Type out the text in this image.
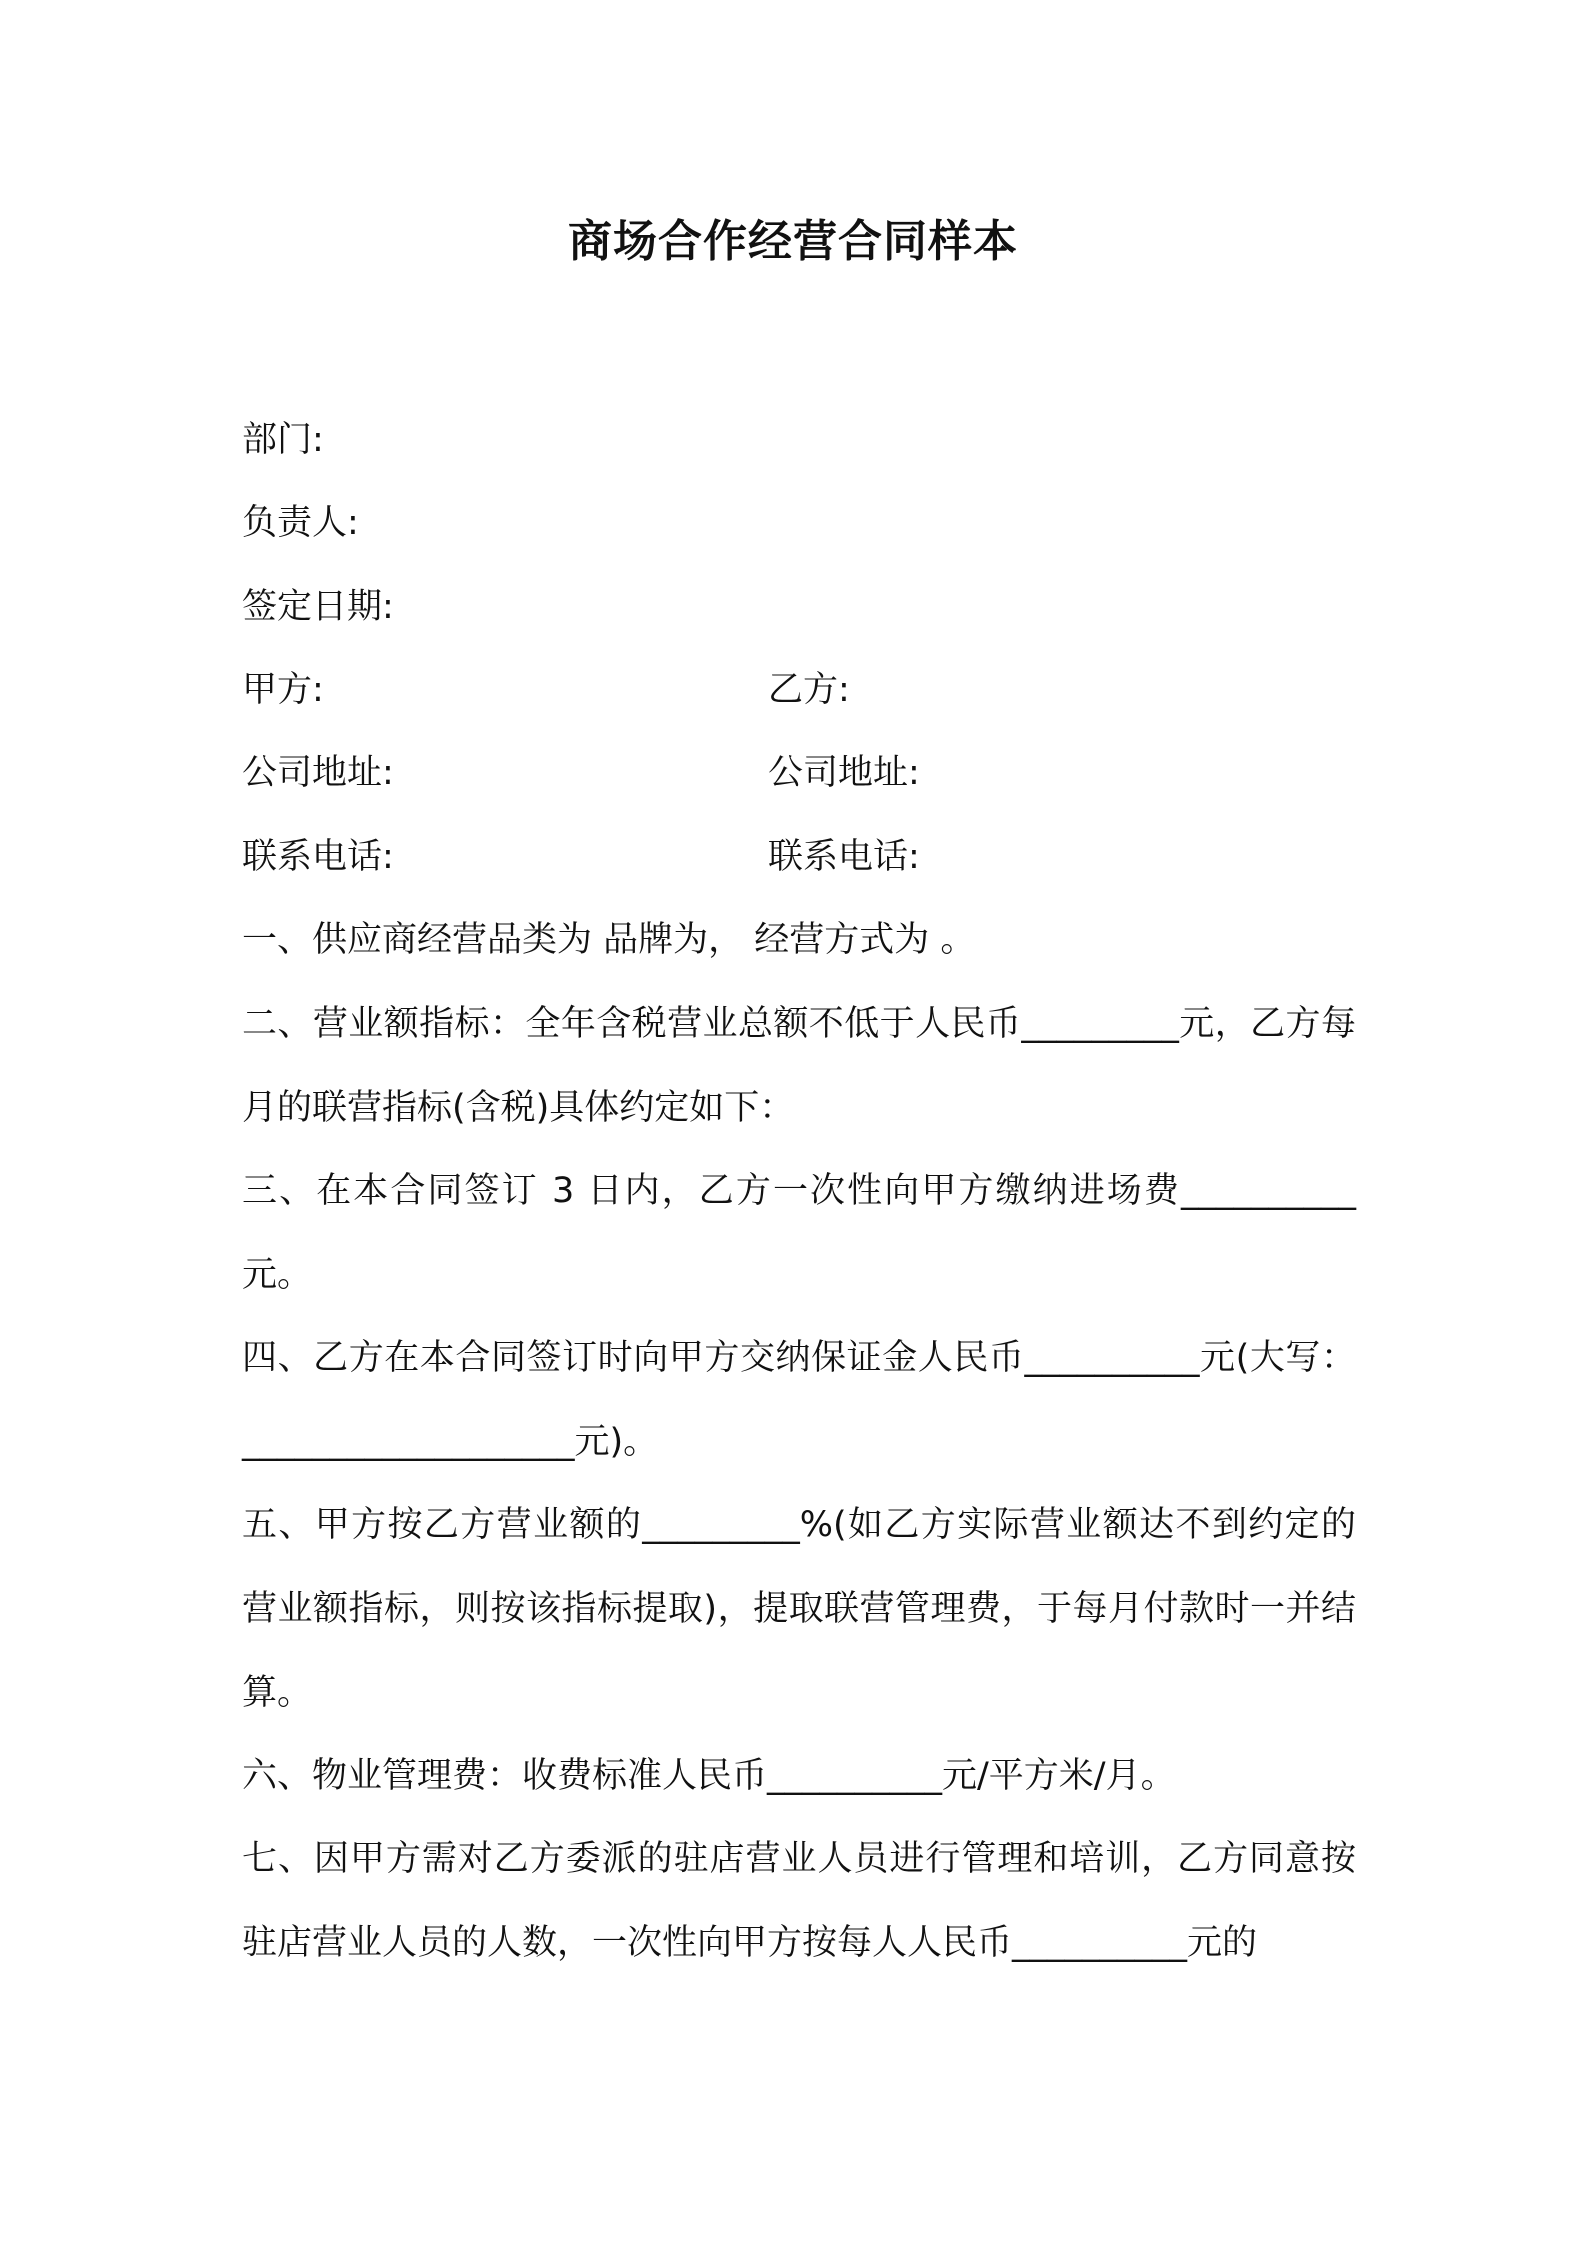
商场合作经营合同样本
部门:
负责人:
签定日期:
甲方:	乙方:
公司地址:	公司地址:
联系电话:	联系电话:
一、供应商经营品类为 品牌为， 经营方式为 。
二、营业额指标：全年含税营业总额不低于人民币_________元，乙方每月的联营指标(含税)具体约定如下：
三、在本合同签订 3 日内，乙方一次性向甲方缴纳进场费__________元。
四、乙方在本合同签订时向甲方交纳保证金人民币__________元(大写：___________________元)。
五、甲方按乙方营业额的_________%(如乙方实际营业额达不到约定的营业额指标，则按该指标提取)，提取联营管理费，于每月付款时一并结算。
六、物业管理费：收费标准人民币__________元/平方米/月。
七、因甲方需对乙方委派的驻店营业人员进行管理和培训，乙方同意按驻店营业人员的人数，一次性向甲方按每人人民币__________元的
